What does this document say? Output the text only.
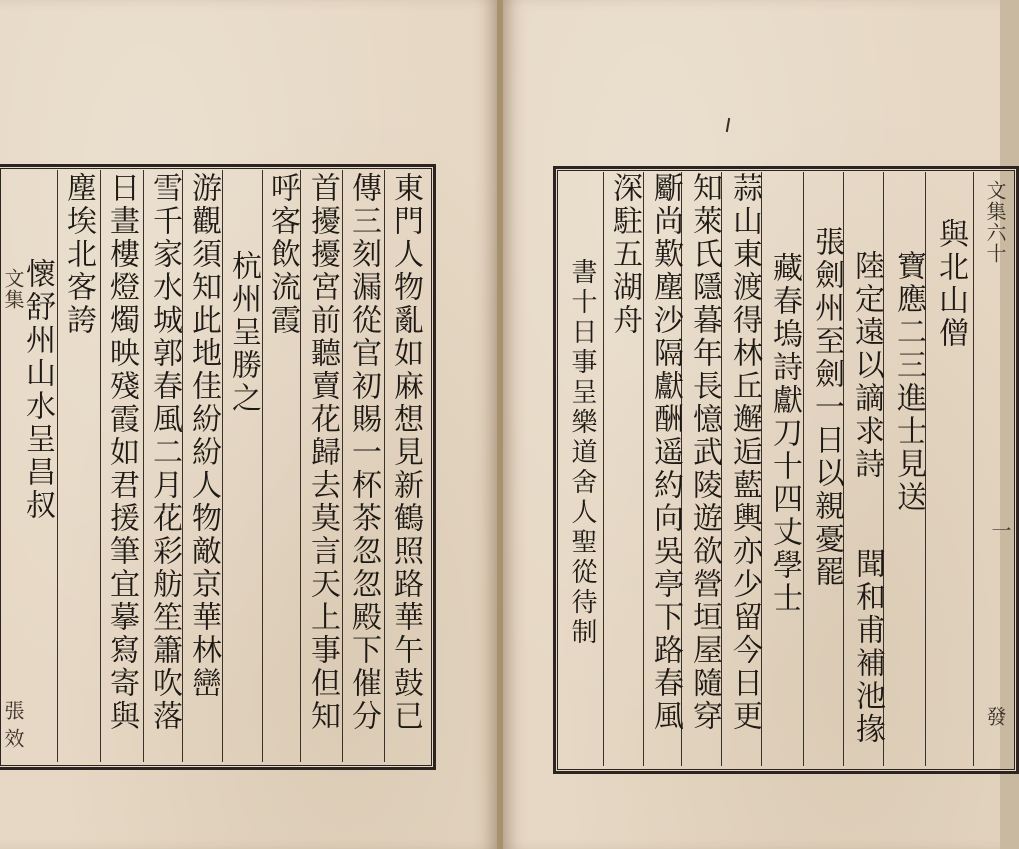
東門人物亂如麻想見新鶴照路華午鼓已
傳三刻漏從官初賜一杯茶忽忽殿下催分
首擾擾宮前聽賣花歸去莫言天上事但知
呼客飲流霞
杭州呈勝之
游觀須知此地佳紛紛人物敵京華林巒
雪千家水城郭春風二月花彩舫笙簫吹落
日晝樓燈燭映殘霞如君援筆宜摹寫寄與
塵埃北客誇
懷舒州山水呈昌叔
文集
張
效
與北山僧
寶應二三進士見送
陸定遠以謫求詩
張劍州至劍一日以親憂罷
聞和甫補池掾
藏春塢詩獻刀十四丈學士
蒜山東渡得林丘邂逅藍輿亦少留今日更
知萊氏隱暮年長憶武陵遊欲營垣屋隨穿
斸尚歎塵沙隔獻酬遥約向吳亭下路春風
深駐五湖舟
書十日事呈樂道舍人聖從待制
文集六十
一
發
